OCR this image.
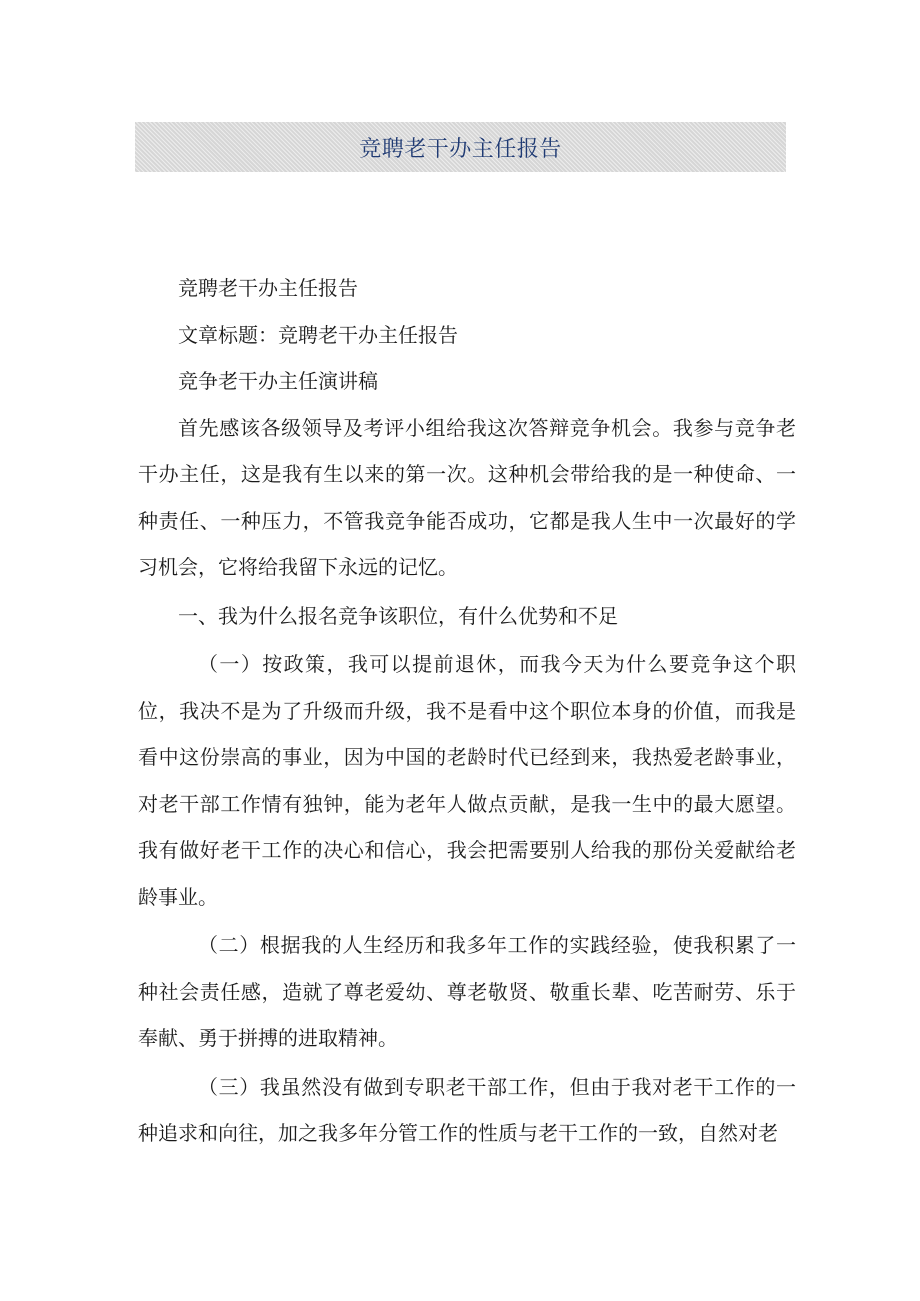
竞聘老干办主任报告

竞聘老干办主任报告

文章标题：竞聘老干办主任报告

竞争老干办主任演讲稿

首先感该各级领导及考评小组给我这次答辩竞争机会。我参与竞争老干办主任，这是我有生以来的第一次。这种机会带给我的是一种使命、一种责任、一种压力，不管我竞争能否成功，它都是我人生中一次最好的学习机会，它将给我留下永远的记忆。

一、我为什么报名竞争该职位，有什么优势和不足

（一）按政策，我可以提前退休，而我今天为什么要竞争这个职位，我决不是为了升级而升级，我不是看中这个职位本身的价值，而我是看中这份崇高的事业，因为中国的老龄时代已经到来，我热爱老龄事业，对老干部工作情有独钟，能为老年人做点贡献，是我一生中的最大愿望。我有做好老干工作的决心和信心，我会把需要别人给我的那份关爱献给老龄事业。

（二）根据我的人生经历和我多年工作的实践经验，使我积累了一种社会责任感，造就了尊老爱幼、尊老敬贤、敬重长辈、吃苦耐劳、乐于奉献、勇于拼搏的进取精神。

（三）我虽然没有做到专职老干部工作，但由于我对老干工作的一种追求和向往，加之我多年分管工作的性质与老干工作的一致，自然对老
